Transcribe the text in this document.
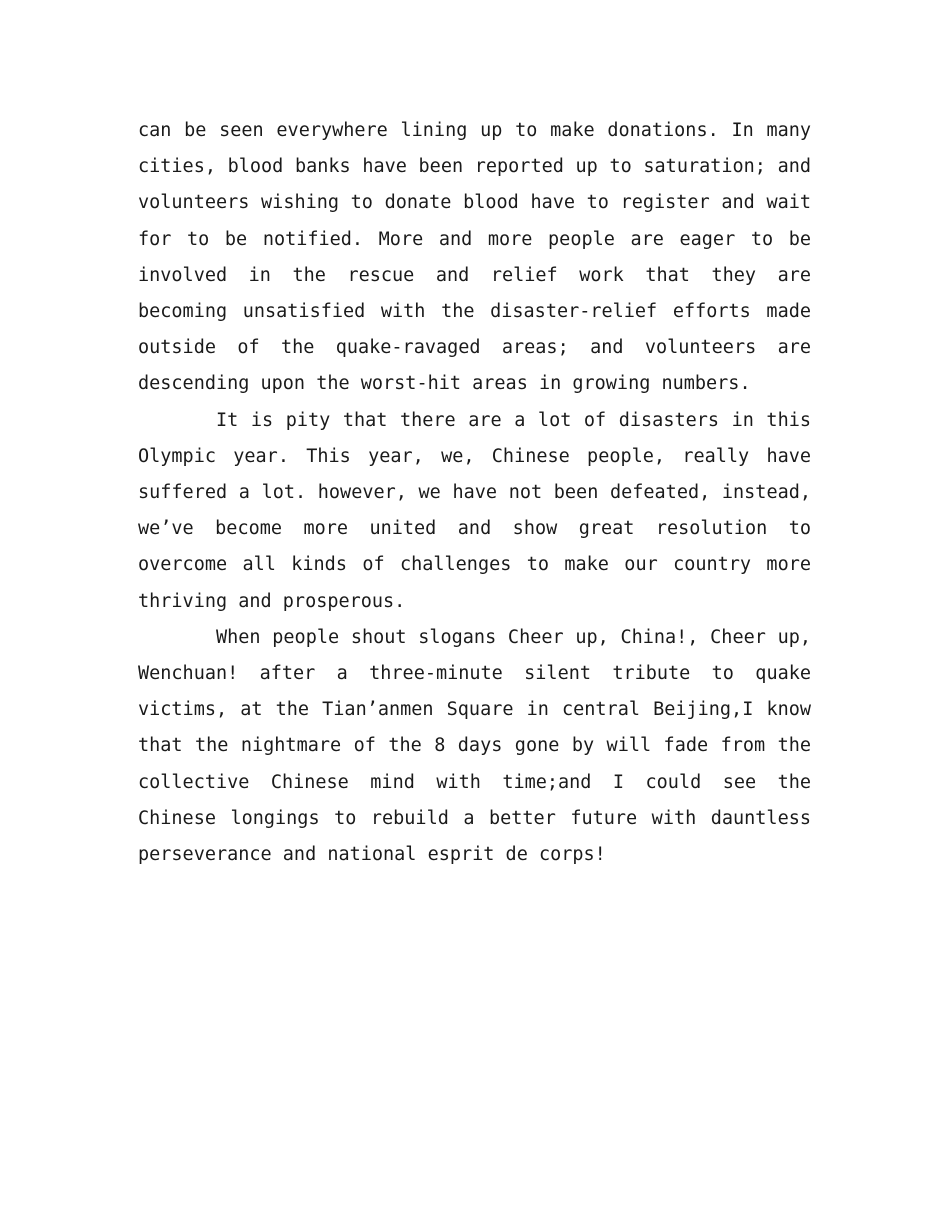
can be seen everywhere lining up to make donations. In many cities, blood banks have been reported up to saturation; and volunteers wishing to donate blood have to register and wait for to be notified. More and more people are eager to be involved in the rescue and relief work that they are becoming unsatisfied with the disaster-relief efforts made outside of the quake-ravaged areas; and volunteers are descending upon the worst-hit areas in growing numbers.

It is pity that there are a lot of disasters in this Olympic year. This year, we, Chinese people, really have suffered a lot. however, we have not been defeated, instead, we’ve become more united and show great resolution to overcome all kinds of challenges to make our country more thriving and prosperous.

When people shout slogans Cheer up, China!, Cheer up, Wenchuan! after a three-minute silent tribute to quake victims, at the Tian’anmen Square in central Beijing,I know that the nightmare of the 8 days gone by will fade from the collective Chinese mind with time;and I could see the Chinese longings to rebuild a better future with dauntless perseverance and national esprit de corps!
